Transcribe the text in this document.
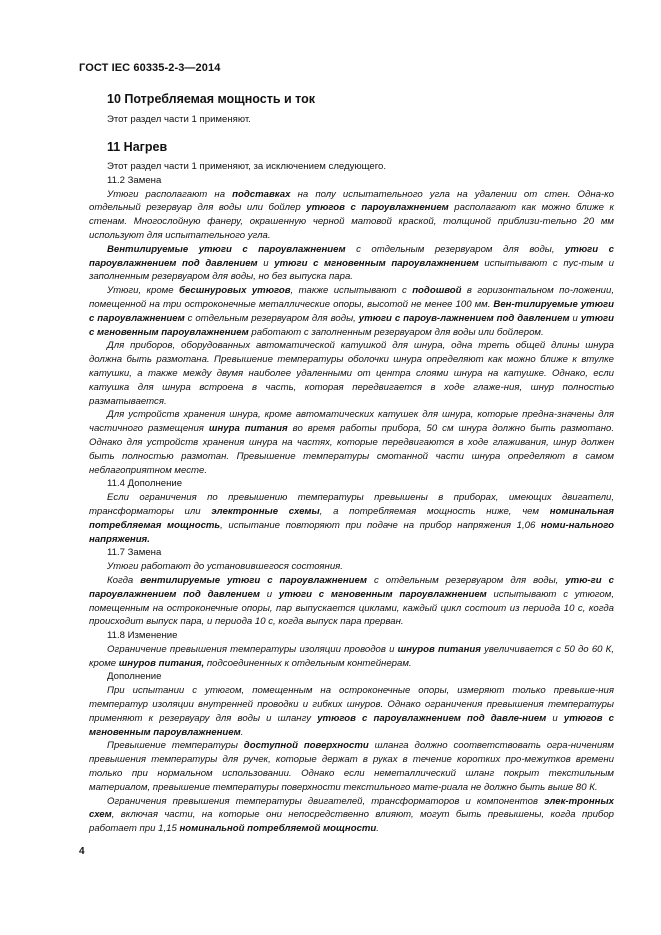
ГОСТ IEC 60335-2-3—2014
10 Потребляемая мощность и ток
Этот раздел части 1 применяют.
11 Нагрев

Этот раздел части 1 применяют, за исключением следующего.

11.2 Замена

Утюги располагают на подставках на полу испытательного угла на удалении от стен. Одна-ко отдельный резервуар для воды или бойлер утюгов с пароувлажнением располагают как можно ближе к стенам. Многослойную фанеру, окрашенную черной матовой краской, толщиной приблизи-тельно 20 мм используют для испытательного угла.

Вентилируемые утюги с пароувлажнением с отдельным резервуаром для воды, утюги с пароувлажнением под давлением и утюги с мгновенным пароувлажнением испытывают с пус-тым и заполненным резервуаром для воды, но без выпуска пара.

Утюги, кроме бесшнуровых утюгов, также испытывают с подошвой в горизонтальном по-ложении, помещенной на три остроконечные металлические опоры, высотой не менее 100 мм. Вен-тилируемые утюги с пароувлажнением с отдельным резервуаром для воды, утюги с пароув-лажнением под давлением и утюги с мгновенным пароувлажнением работают с заполненным резервуаром для воды или бойлером.

Для приборов, оборудованных автоматической катушкой для шнура, одна треть общей длины шнура должна быть размотана. Превышение температуры оболочки шнура определяют как можно ближе к втулке катушки, а также между двумя наиболее удаленными от центра слоями шнура на катушке. Однако, если катушка для шнура встроена в часть, которая передвигается в ходе глаже-ния, шнур полностью разматывается.

Для устройств хранения шнура, кроме автоматических катушек для шнура, которые предна-значены для частичного размещения шнура питания во время работы прибора, 50 см шнура должно быть размотано. Однако для устройств хранения шнура на частях, которые передвигаются в ходе глаживания, шнур должен быть полностью размотан. Превышение температуры смотанной части шнура определяют в самом неблагоприятном месте.

11.4 Дополнение

Если ограничения по превышению температуры превышены в приборах, имеющих двигатели, трансформаторы или электронные схемы, а потребляемая мощность ниже, чем номинальная потребляемая мощность, испытание повторяют при подаче на прибор напряжения 1,06 номи-нального напряжения.

11.7 Замена

Утюги работают до установившегося состояния.

Когда вентилируемые утюги с пароувлажнением с отдельным резервуаром для воды, утю-ги с пароувлажнением под давлением и утюги с мгновенным пароувлажнением испытывают с утюгом, помещенным на остроконечные опоры, пар выпускается циклами, каждый цикл состоит из периода 10 с, когда происходит выпуск пара, и периода 10 с, когда выпуск пара прерван.

11.8 Изменение

Ограничение превышения температуры изоляции проводов и шнуров питания увеличивается с 50 до 60 К, кроме шнуров питания, подсоединенных к отдельным контейнерам.

Дополнение

При испытании с утюгом, помещенным на остроконечные опоры, измеряют только превыше-ния температур изоляции внутренней проводки и гибких шнуров. Однако ограничения превышения температуры применяют к резервуару для воды и шлангу утюгов с пароувлажнением под давле-нием и утюгов с мгновенным пароувлажнением.

Превышение температуры доступной поверхности шланга должно соответствовать огра-ничениям превышения температуры для ручек, которые держат в руках в течение коротких про-межутков времени только при нормальном использовании. Однако если неметаллический шланг покрыт текстильным материалом, превышение температуры поверхности текстильного мате-риала не должно быть выше 80 К.

Ограничения превышения температуры двигателей, трансформаторов и компонентов элек-тронных схем, включая части, на которые они непосредственно влияют, могут быть превышены, когда прибор работает при 1,15 номинальной потребляемой мощности.

4
